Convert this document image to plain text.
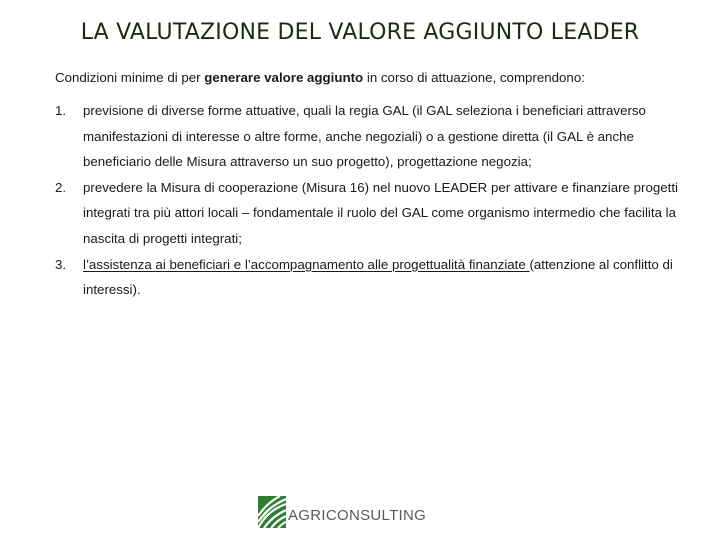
LA VALUTAZIONE DEL VALORE AGGIUNTO LEADER
Condizioni minime di per generare valore aggiunto in corso di attuazione, comprendono:
1. previsione di diverse forme attuative, quali la regia GAL (il GAL seleziona i beneficiari attraverso manifestazioni di interesse o altre forme, anche negoziali) o a gestione diretta (il GAL è anche beneficiario delle Misura attraverso un suo progetto), progettazione negozia;
2. prevedere la Misura di cooperazione (Misura 16) nel nuovo LEADER per attivare e finanziare progetti integrati tra più attori locali – fondamentale il ruolo del GAL come organismo intermedio che facilita la nascita di progetti integrati;
3. l’assistenza ai beneficiari e l’accompagnamento alle progettualità finanziate (attenzione al conflitto di interessi).
AGRICONSULTING
